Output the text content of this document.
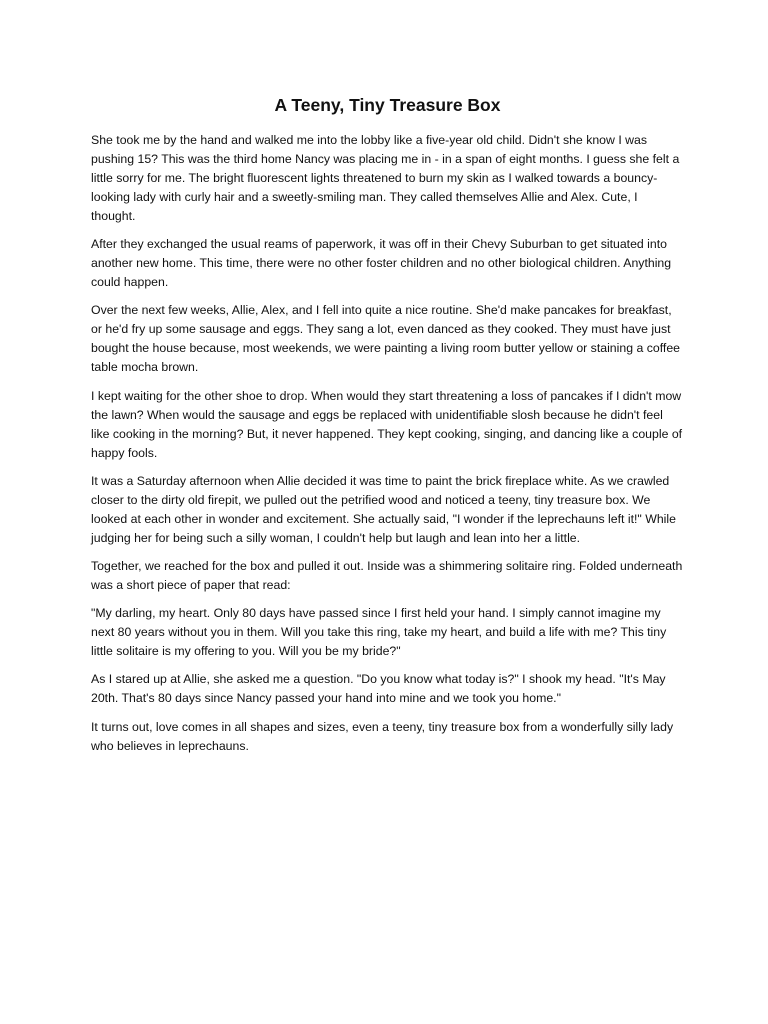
A Teeny, Tiny Treasure Box

She took me by the hand and walked me into the lobby like a five-year old child. Didn't she know I was pushing 15? This was the third home Nancy was placing me in - in a span of eight months. I guess she felt a little sorry for me. The bright fluorescent lights threatened to burn my skin as I walked towards a bouncy-looking lady with curly hair and a sweetly-smiling man. They called themselves Allie and Alex. Cute, I thought.

After they exchanged the usual reams of paperwork, it was off in their Chevy Suburban to get situated into another new home. This time, there were no other foster children and no other biological children. Anything could happen.

Over the next few weeks, Allie, Alex, and I fell into quite a nice routine. She'd make pancakes for breakfast, or he'd fry up some sausage and eggs. They sang a lot, even danced as they cooked. They must have just bought the house because, most weekends, we were painting a living room butter yellow or staining a coffee table mocha brown.

I kept waiting for the other shoe to drop. When would they start threatening a loss of pancakes if I didn't mow the lawn? When would the sausage and eggs be replaced with unidentifiable slosh because he didn't feel like cooking in the morning? But, it never happened. They kept cooking, singing, and dancing like a couple of happy fools.

It was a Saturday afternoon when Allie decided it was time to paint the brick fireplace white. As we crawled closer to the dirty old firepit, we pulled out the petrified wood and noticed a teeny, tiny treasure box. We looked at each other in wonder and excitement. She actually said, "I wonder if the leprechauns left it!" While judging her for being such a silly woman, I couldn't help but laugh and lean into her a little.

Together, we reached for the box and pulled it out. Inside was a shimmering solitaire ring. Folded underneath was a short piece of paper that read:

"My darling, my heart. Only 80 days have passed since I first held your hand. I simply cannot imagine my next 80 years without you in them. Will you take this ring, take my heart, and build a life with me? This tiny little solitaire is my offering to you. Will you be my bride?"

As I stared up at Allie, she asked me a question. "Do you know what today is?" I shook my head. "It's May 20th. That's 80 days since Nancy passed your hand into mine and we took you home."

It turns out, love comes in all shapes and sizes, even a teeny, tiny treasure box from a wonderfully silly lady who believes in leprechauns.
